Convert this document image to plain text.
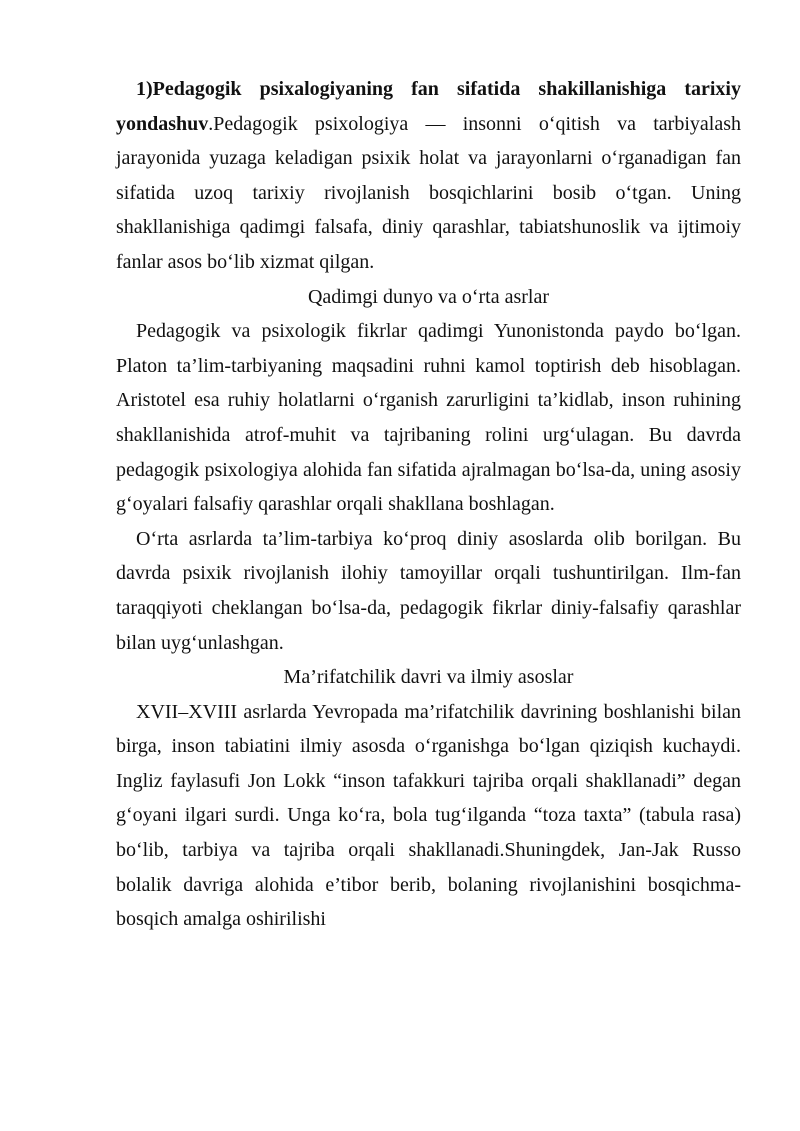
1)Pedagogik psixalogiyaning fan sifatida shakillanishiga tarixiy yondashuv.Pedagogik psixologiya — insonni o‘qitish va tarbiyalash jarayonida yuzaga keladigan psixik holat va jarayonlarni o‘rganadigan fan sifatida uzoq tarixiy rivojlanish bosqichlarini bosib o‘tgan. Uning shakllanishiga qadimgi falsafa, diniy qarashlar, tabiatshunoslik va ijtimoiy fanlar asos bo‘lib xizmat qilgan.

Qadimgi dunyo va o‘rta asrlar

Pedagogik va psixologik fikrlar qadimgi Yunonistonda paydo bo‘lgan. Platon ta’lim-tarbiyaning maqsadini ruhni kamol toptirish deb hisoblagan. Aristotel esa ruhiy holatlarni o‘rganish zarurligini ta’kidlab, inson ruhining shakllanishida atrof-muhit va tajribaning rolini urg‘ulagan. Bu davrda pedagogik psixologiya alohida fan sifatida ajralmagan bo‘lsa-da, uning asosiy g‘oyalari falsafiy qarashlar orqali shakllana boshlagan.

O‘rta asrlarda ta’lim-tarbiya ko‘proq diniy asoslarda olib borilgan. Bu davrda psixik rivojlanish ilohiy tamoyillar orqali tushuntirilgan. Ilm-fan taraqqiyoti cheklangan bo‘lsa-da, pedagogik fikrlar diniy-falsafiy qarashlar bilan uyg‘unlashgan.

Ma’rifatchilik davri va ilmiy asoslar

XVII–XVIII asrlarda Yevropada ma’rifatchilik davrining boshlanishi bilan birga, inson tabiatini ilmiy asosda o‘rganishga bo‘lgan qiziqish kuchaydi. Ingliz faylasufi Jon Lokk “inson tafakkuri tajriba orqali shakllanadi” degan g‘oyani ilgari surdi. Unga ko‘ra, bola tug‘ilganda “toza taxta” (tabula rasa) bo‘lib, tarbiya va tajriba orqali shakllanadi.Shuningdek, Jan-Jak Russo bolalik davriga alohida e’tibor berib, bolaning rivojlanishini bosqichma-bosqich amalga oshirilishi
